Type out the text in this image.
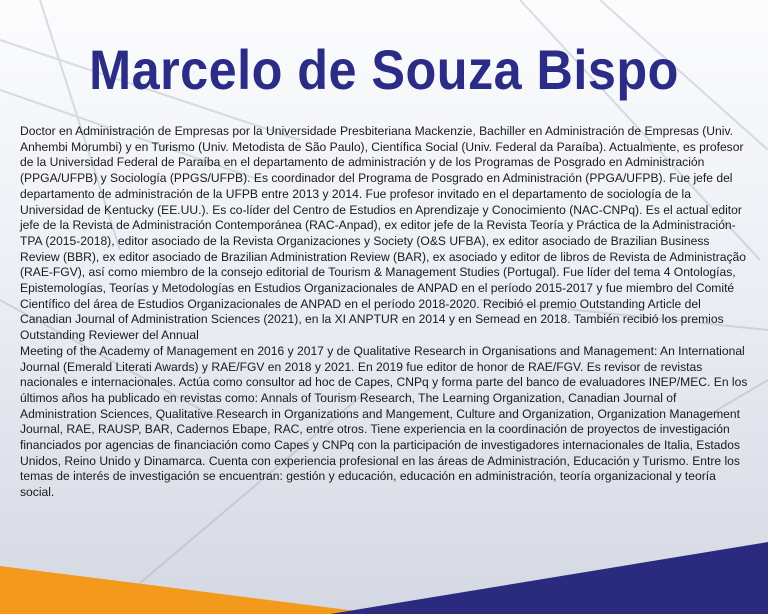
Marcelo de Souza Bispo

Doctor en Administración de Empresas por la Universidade Presbiteriana Mackenzie, Bachiller en Administración de Empresas (Univ. Anhembi Morumbi) y en Turismo (Univ. Metodista de São Paulo), Científica Social (Univ. Federal da Paraíba). Actualmente, es profesor de la Universidad Federal de Paraíba en el departamento de administración y de los Programas de Posgrado en Administración (PPGA/UFPB) y Sociología (PPGS/UFPB). Es coordinador del Programa de Posgrado en Administración (PPGA/UFPB). Fue jefe del departamento de administración de la UFPB entre 2013 y 2014. Fue profesor invitado en el departamento de sociología de la Universidad de Kentucky (EE.UU.). Es co-líder del Centro de Estudios en Aprendizaje y Conocimiento (NAC-CNPq). Es el actual editor jefe de la Revista de Administración Contemporánea (RAC-Anpad), ex editor jefe de la Revista Teoría y Práctica de la Administración-TPA (2015-2018), editor asociado de la Revista Organizaciones y Society (O&S UFBA), ex editor asociado de Brazilian Business Review (BBR), ex editor asociado de Brazilian Administration Review (BAR), ex asociado y editor de libros de Revista de Administração (RAE-FGV), así como miembro de la consejo editorial de Tourism & Management Studies (Portugal). Fue líder del tema 4 Ontologías, Epistemologías, Teorías y Metodologías en Estudios Organizacionales de ANPAD en el período 2015-2017 y fue miembro del Comité Científico del área de Estudios Organizacionales de ANPAD en el período 2018-2020. Recibió el premio Outstanding Article del Canadian Journal of Administration Sciences (2021), en la XI ANPTUR en 2014 y en Semead en 2018. También recibió los premios Outstanding Reviewer del Annual

Meeting of the Academy of Management en 2016 y 2017 y de Qualitative Research in Organisations and Management: An International Journal (Emerald Literati Awards) y RAE/FGV en 2018 y 2021. En 2019 fue editor de honor de RAE/FGV. Es revisor de revistas nacionales e internacionales. Actúa como consultor ad hoc de Capes, CNPq y forma parte del banco de evaluadores INEP/MEC. En los últimos años ha publicado en revistas como: Annals of Tourism Research, The Learning Organization, Canadian Journal of Administration Sciences, Qualitative Research in Organizations and Mangement, Culture and Organization, Organization Management Journal, RAE, RAUSP, BAR, Cadernos Ebape, RAC, entre otros. Tiene experiencia en la coordinación de proyectos de investigación financiados por agencias de financiación como Capes y CNPq con la participación de investigadores internacionales de Italia, Estados Unidos, Reino Unido y Dinamarca. Cuenta con experiencia profesional en las áreas de Administración, Educación y Turismo. Entre los temas de interés de investigación se encuentran: gestión y educación, educación en administración, teoría organizacional y teoría social.
